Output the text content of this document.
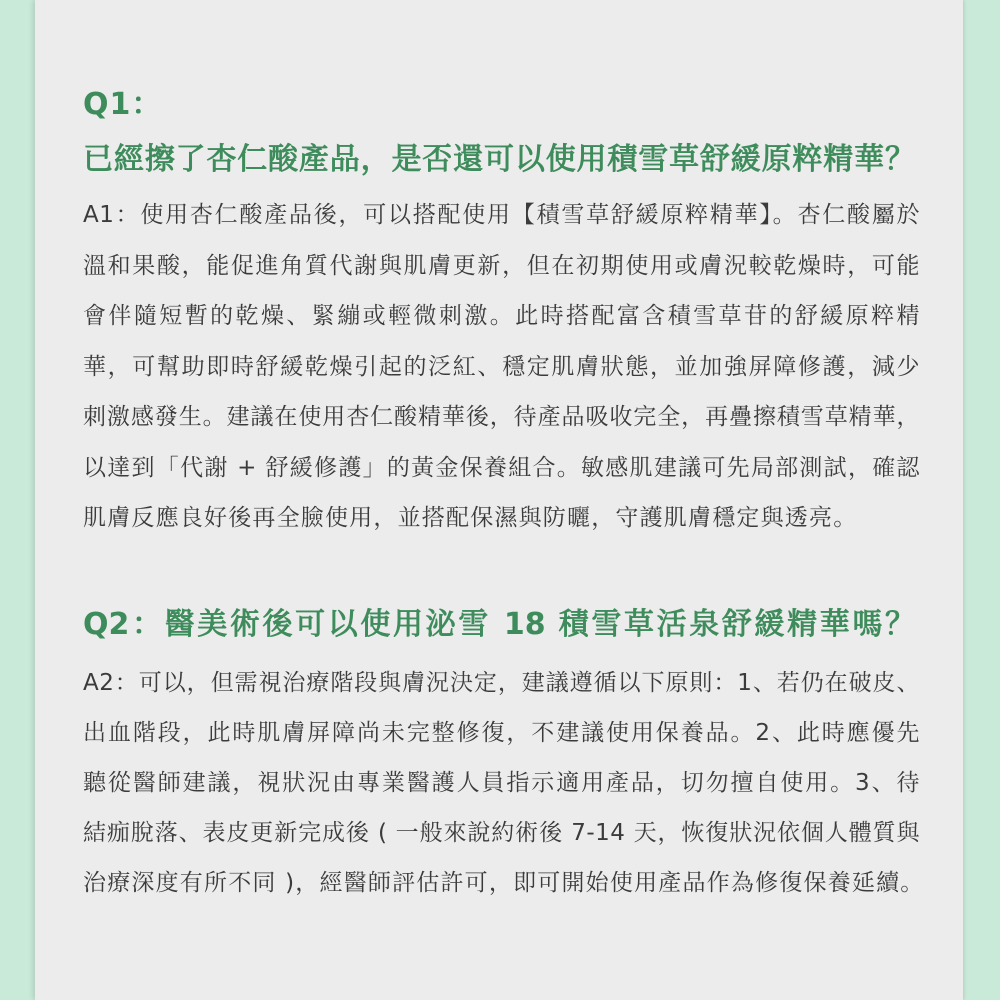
Q1：
已經擦了杏仁酸產品，是否還可以使用積雪草舒緩原粹精華？
A1：使用杏仁酸產品後，可以搭配使用【積雪草舒緩原粹精華】。杏仁酸屬於
溫和果酸，能促進角質代謝與肌膚更新，但在初期使用或膚況較乾燥時，可能
會伴隨短暫的乾燥、緊繃或輕微刺激。此時搭配富含積雪草苷的舒緩原粹精
華，可幫助即時舒緩乾燥引起的泛紅、穩定肌膚狀態，並加強屏障修護，減少
刺激感發生。建議在使用杏仁酸精華後，待產品吸收完全，再疊擦積雪草精華，
以達到「代謝 + 舒緩修護」的黃金保養組合。敏感肌建議可先局部測試，確認
肌膚反應良好後再全臉使用，並搭配保濕與防曬，守護肌膚穩定與透亮。
Q2：醫美術後可以使用泌雪 18 積雪草活泉舒緩精華嗎？
A2：可以，但需視治療階段與膚況決定，建議遵循以下原則：1、若仍在破皮、
出血階段，此時肌膚屏障尚未完整修復，不建議使用保養品。2、此時應優先
聽從醫師建議，視狀況由專業醫護人員指示適用產品，切勿擅自使用。3、待
結痂脫落、表皮更新完成後 ( 一般來說約術後 7-14 天，恢復狀況依個人體質與
治療深度有所不同 )，經醫師評估許可，即可開始使用產品作為修復保養延續。
